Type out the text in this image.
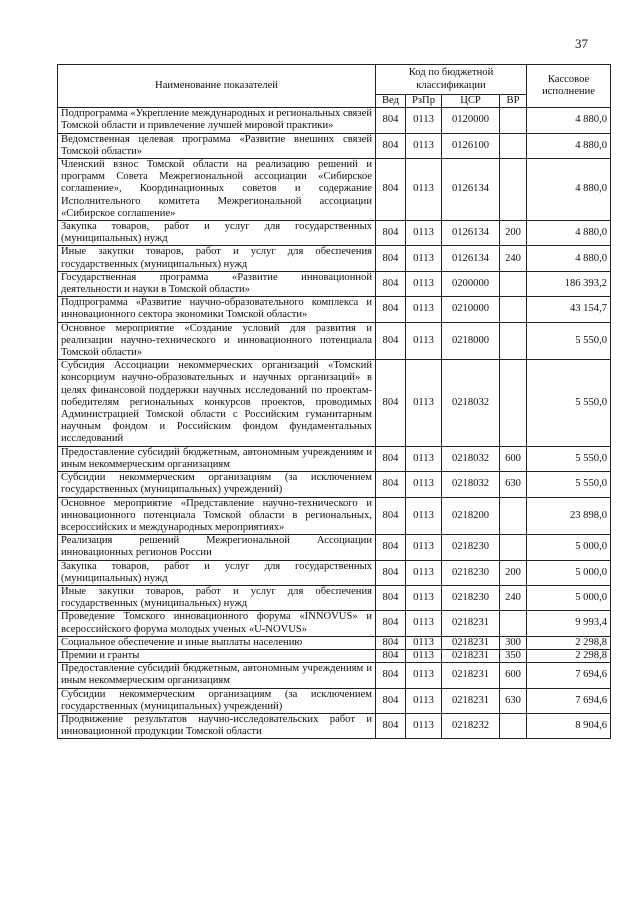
37
Наименование показателей	Код по бюджетной классификации				Кассовое исполнение
	Вед	РзПр	ЦСР	ВР	
Подпрограмма «Укрепление международных и региональных связей Томской области и привлечение лучшей мировой практики»	804	0113	0120000		4 880,0
Ведомственная целевая программа «Развитие внешних связей Томской области»	804	0113	0126100		4 880,0
Членский взнос Томской области на реализацию решений и программ Совета Межрегиональной ассоциации «Сибирское соглашение», Координационных советов и содержание Исполнительного комитета Межрегиональной ассоциации «Сибирское соглашение»	804	0113	0126134		4 880,0
Закупка товаров, работ и услуг для государственных (муниципальных) нужд	804	0113	0126134	200	4 880,0
Иные закупки товаров, работ и услуг для обеспечения государственных (муниципальных) нужд	804	0113	0126134	240	4 880,0
Государственная программа «Развитие инновационной деятельности и науки в Томской области»	804	0113	0200000		186 393,2
Подпрограмма «Развитие научно-образовательного комплекса и инновационного сектора экономики Томской области»	804	0113	0210000		43 154,7
Основное мероприятие «Создание условий для развития и реализации научно-технического и инновационного потенциала Томской области»	804	0113	0218000		5 550,0
Субсидия Ассоциации некоммерческих организаций «Томский консорциум научно-образовательных и научных организаций» в целях финансовой поддержки научных исследований по проектам-победителям региональных конкурсов проектов, проводимых Администрацией Томской области с Российским гуманитарным научным фондом и Российским фондом фундаментальных исследований	804	0113	0218032		5 550,0
Предоставление субсидий бюджетным, автономным учреждениям и иным некоммерческим организациям	804	0113	0218032	600	5 550,0
Субсидии некоммерческим организациям (за исключением государственных (муниципальных) учреждений)	804	0113	0218032	630	5 550,0
Основное мероприятие «Представление научно-технического и инновационного потенциала Томской области в региональных, всероссийских и международных мероприятиях»	804	0113	0218200		23 898,0
Реализация решений Межрегиональной Ассоциации инновационных регионов России	804	0113	0218230		5 000,0
Закупка товаров, работ и услуг для государственных (муниципальных) нужд	804	0113	0218230	200	5 000,0
Иные закупки товаров, работ и услуг для обеспечения государственных (муниципальных) нужд	804	0113	0218230	240	5 000,0
Проведение Томского инновационного форума «INNOVUS» и всероссийского форума молодых ученых «U-NOVUS»	804	0113	0218231		9 993,4
Социальное обеспечение и иные выплаты населению	804	0113	0218231	300	2 298,8
Премии и гранты	804	0113	0218231	350	2 298,8
Предоставление субсидий бюджетным, автономным учреждениям и иным некоммерческим организациям	804	0113	0218231	600	7 694,6
Субсидии некоммерческим организациям (за исключением государственных (муниципальных) учреждений)	804	0113	0218231	630	7 694,6
Продвижение результатов научно-исследовательских работ и инновационной продукции Томской области	804	0113	0218232		8 904,6
